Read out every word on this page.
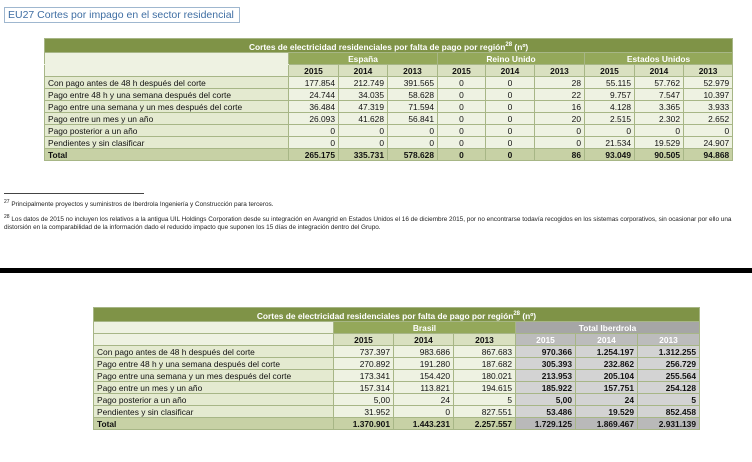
EU27 Cortes por impago en el sector residencial
Cortes de electricidad residenciales por falta de pago por región$^{28}$ (nº)									
	España			Reino Unido			Estados Unidos		
	2015	2014	2013	2015	2014	2013	2015	2014	2013
Con pago antes de 48 h después del corte	177.854	212.749	391.565	0	0	28	55.115	57.762	52.979
Pago entre 48 h y una semana después del corte	24.744	34.035	58.628	0	0	22	9.757	7.547	10.397
Pago entre una semana y un mes después del corte	36.484	47.319	71.594	0	0	16	4.128	3.365	3.933
Pago entre un mes y un año	26.093	41.628	56.841	0	0	20	2.515	2.302	2.652
Pago posterior a un año	0	0	0	0	0	0	0	0	0
Pendientes y sin clasificar	0	0	0	0	0	0	21.534	19.529	24.907
Total	265.175	335.731	578.628	0	0	86	93.049	90.505	94.868
$^{27}$ Principalmente proyectos y suministros de Iberdrola Ingeniería y Construcción para terceros.
$^{28}$ Los datos de 2015 no incluyen los relativos a la antigua UIL Holdings Corporation desde su integración en Avangrid en Estados Unidos el 16 de diciembre 2015, por no encontrarse todavía recogidos en los sistemas corporativos, sin ocasionar por ello una distorsión en la comparabilidad de la información dado el reducido impacto que suponen los 15 días de integración dentro del Grupo.
Cortes de electricidad residenciales por falta de pago por región$^{28}$ (nº)						
	Brasil			Total Iberdrola		
	2015	2014	2013	2015	2014	2013
Con pago antes de 48 h después del corte	737.397	983.686	867.683	970.366	1.254.197	1.312.255
Pago entre 48 h y una semana después del corte	270.892	191.280	187.682	305.393	232.862	256.729
Pago entre una semana y un mes después del corte	173.341	154.420	180.021	213.953	205.104	255.564
Pago entre un mes y un año	157.314	113.821	194.615	185.922	157.751	254.128
Pago posterior a un año	5,00	24	5	5,00	24	5
Pendientes y sin clasificar	31.952	0	827.551	53.486	19.529	852.458
Total	1.370.901	1.443.231	2.257.557	1.729.125	1.869.467	2.931.139
